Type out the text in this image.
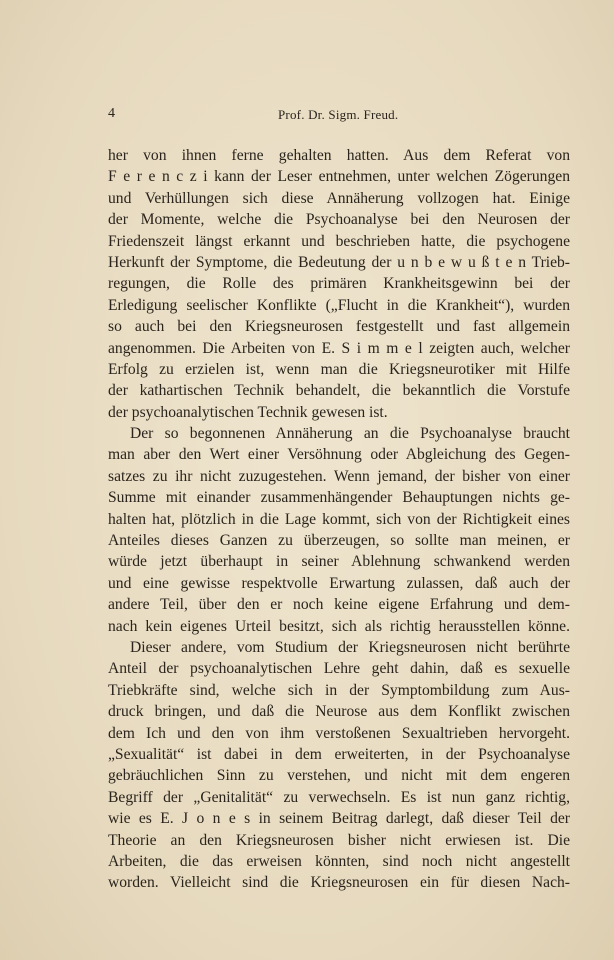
4	Prof. Dr. Sigm. Freud.
her von ihnen ferne gehalten hatten. Aus dem Referat von
F e r e n c z i kann der Leser entnehmen, unter welchen Zögerungen
und Verhüllungen sich diese Annäherung vollzogen hat. Einige
der Momente, welche die Psychoanalyse bei den Neurosen der
Friedenszeit längst erkannt und beschrieben hatte, die psychogene
Herkunft der Symptome, die Bedeutung der u n b e w u ß t e n Trieb-
regungen, die Rolle des primären Krankheitsgewinn bei der
Erledigung seelischer Konflikte („Flucht in die Krankheit“), wurden
so auch bei den Kriegsneurosen festgestellt und fast allgemein
angenommen. Die Arbeiten von E. S i m m e l zeigten auch, welcher
Erfolg zu erzielen ist, wenn man die Kriegsneurotiker mit Hilfe
der kathartischen Technik behandelt, die bekanntlich die Vorstufe
der psychoanalytischen Technik gewesen ist.
Der so begonnenen Annäherung an die Psychoanalyse braucht
man aber den Wert einer Versöhnung oder Abgleichung des Gegen-
satzes zu ihr nicht zuzugestehen. Wenn jemand, der bisher von einer
Summe mit einander zusammenhängender Behauptungen nichts ge-
halten hat, plötzlich in die Lage kommt, sich von der Richtigkeit eines
Anteiles dieses Ganzen zu überzeugen, so sollte man meinen, er
würde jetzt überhaupt in seiner Ablehnung schwankend werden
und eine gewisse respektvolle Erwartung zulassen, daß auch der
andere Teil, über den er noch keine eigene Erfahrung und dem-
nach kein eigenes Urteil besitzt, sich als richtig herausstellen könne.
Dieser andere, vom Studium der Kriegsneurosen nicht berührte
Anteil der psychoanalytischen Lehre geht dahin, daß es sexuelle
Triebkräfte sind, welche sich in der Symptombildung zum Aus-
druck bringen, und daß die Neurose aus dem Konflikt zwischen
dem Ich und den von ihm verstoßenen Sexualtrieben hervorgeht.
„Sexualität“ ist dabei in dem erweiterten, in der Psychoanalyse
gebräuchlichen Sinn zu verstehen, und nicht mit dem engeren
Begriff der „Genitalität“ zu verwechseln. Es ist nun ganz richtig,
wie es E. J o n e s in seinem Beitrag darlegt, daß dieser Teil der
Theorie an den Kriegsneurosen bisher nicht erwiesen ist. Die
Arbeiten, die das erweisen könnten, sind noch nicht angestellt
worden. Vielleicht sind die Kriegsneurosen ein für diesen Nach-
